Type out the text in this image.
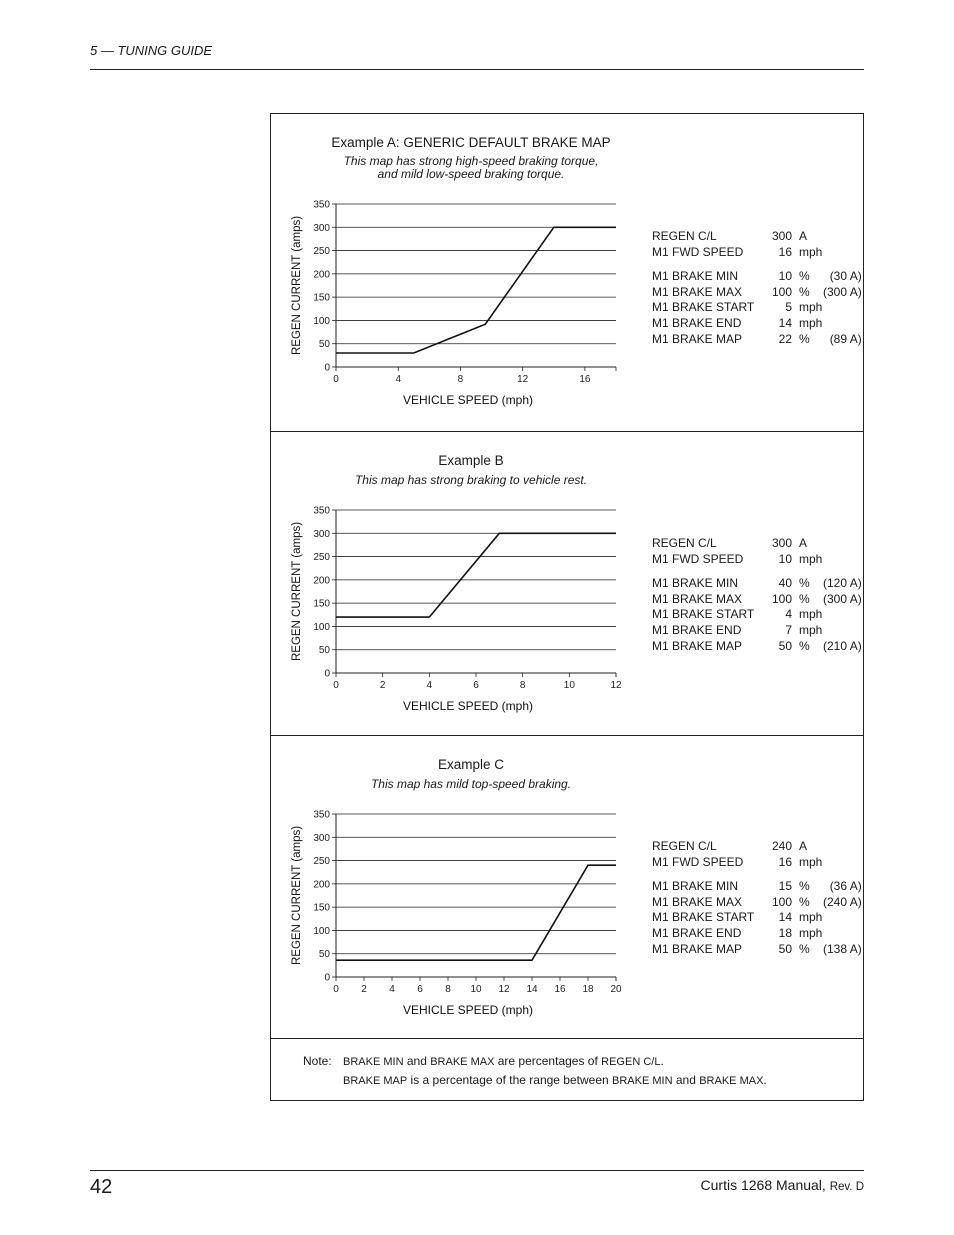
5 — TUNING GUIDE
Example A: GENERIC DEFAULT BRAKE MAP
This map has strong high-speed braking torque,
and mild low-speed braking torque.
0
50
100
150
200
250
300
350
0	4	8	12	16
VEHICLE SPEED (mph)
REGEN CURRENT (amps)	REGEN C/L	300	A	
M1 FWD SPEED	16	mph	

M1 BRAKE MIN	10	%	(30 A)
M1 BRAKE MAX	100	%	(300 A)
M1 BRAKE START	5	mph	
M1 BRAKE END	14	mph	
M1 BRAKE MAP	22	%	(89 A)
Example B
This map has strong braking to vehicle rest.
0
50
100
150
200
250
300
350
0	2	4	6	8	10	12
VEHICLE SPEED (mph)
REGEN CURRENT (amps)	REGEN C/L	300	A	
M1 FWD SPEED	10	mph	

M1 BRAKE MIN	40	%	(120 A)
M1 BRAKE MAX	100	%	(300 A)
M1 BRAKE START	4	mph	
M1 BRAKE END	7	mph	
M1 BRAKE MAP	50	%	(210 A)
Example C
This map has mild top-speed braking.
0
50
100
150
200
250
300
350
0 2 4 6 8 10 12 14 16 18 20
VEHICLE SPEED (mph)
REGEN CURRENT (amps)	REGEN C/L	240	A	
M1 FWD SPEED	16	mph	

M1 BRAKE MIN	15	%	(36 A)
M1 BRAKE MAX	100	%	(240 A)
M1 BRAKE START	14	mph	
M1 BRAKE END	18	mph	
M1 BRAKE MAP	50	%	(138 A)
Note: BRAKE MIN and BRAKE MAX are percentages of REGEN C/L.
BRAKE MAP is a percentage of the range between BRAKE MIN and BRAKE MAX.
42	Curtis 1268 Manual, Rev. D
